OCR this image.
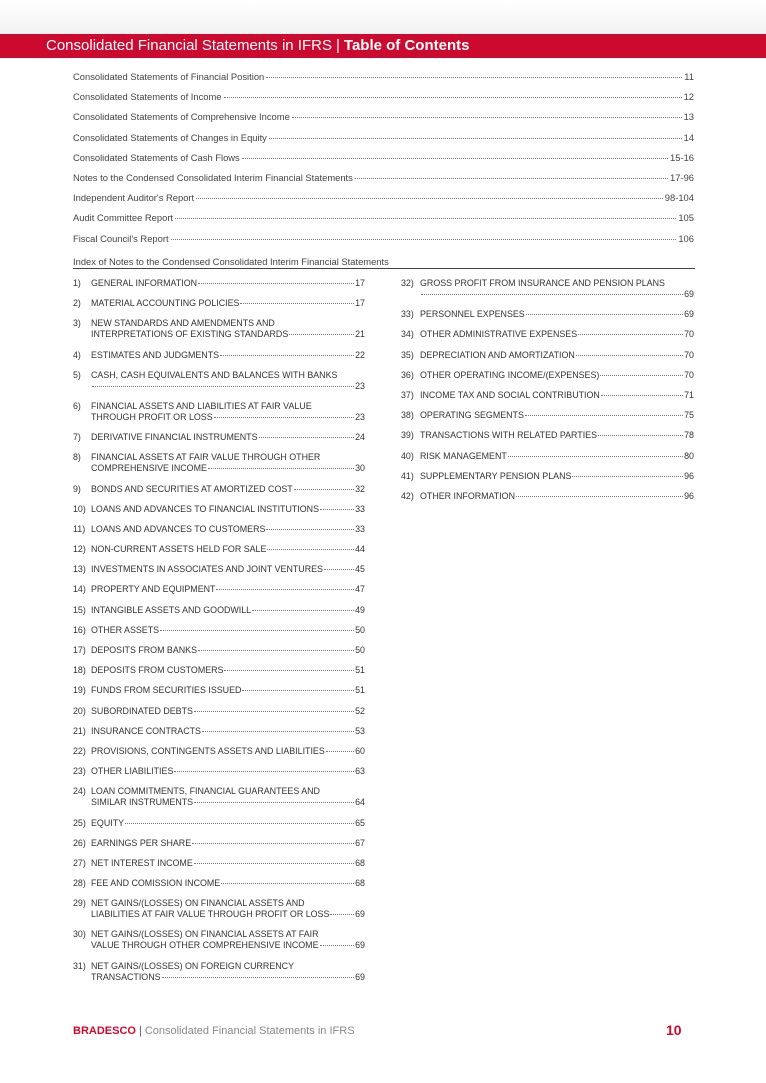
Consolidated Financial Statements in IFRS | Table of Contents
Consolidated Statements of Financial Position	11
Consolidated Statements of Income	12
Consolidated Statements of Comprehensive Income	13
Consolidated Statements of Changes in Equity	14
Consolidated Statements of Cash Flows	15-16
Notes to the Condensed Consolidated Interim Financial Statements	17-96
Independent Auditor's Report	98-104
Audit Committee Report	105
Fiscal Council's Report	106
Index of Notes to the Condensed Consolidated Interim Financial Statements
1)	GENERAL INFORMATION	17
2)	MATERIAL ACCOUNTING POLICIES	17
3)	NEW STANDARDS AND AMENDMENTS AND
INTERPRETATIONS OF EXISTING STANDARDS	21
4)	ESTIMATES AND JUDGMENTS	22
5)	CASH, CASH EQUIVALENTS AND BALANCES WITH BANKS
23
6)	FINANCIAL ASSETS AND LIABILITIES AT FAIR VALUE
THROUGH PROFIT OR LOSS	23
7)	DERIVATIVE FINANCIAL INSTRUMENTS	24
8)	FINANCIAL ASSETS AT FAIR VALUE THROUGH OTHER
COMPREHENSIVE INCOME	30
9)	BONDS AND SECURITIES AT AMORTIZED COST	32
10) LOANS AND ADVANCES TO FINANCIAL INSTITUTIONS	33
11) LOANS AND ADVANCES TO CUSTOMERS	33
12) NON-CURRENT ASSETS HELD FOR SALE	44
13) INVESTMENTS IN ASSOCIATES AND JOINT VENTURES	45
14) PROPERTY AND EQUIPMENT	47
15) INTANGIBLE ASSETS AND GOODWILL	49
16) OTHER ASSETS	50
17) DEPOSITS FROM BANKS	50
18) DEPOSITS FROM CUSTOMERS	51
19) FUNDS FROM SECURITIES ISSUED	51
20) SUBORDINATED DEBTS	52
21) INSURANCE CONTRACTS	53
22) PROVISIONS, CONTINGENTS ASSETS AND LIABILITIES	60
23) OTHER LIABILITIES	63
24) LOAN COMMITMENTS, FINANCIAL GUARANTEES AND
SIMILAR INSTRUMENTS	64
25) EQUITY	65
26) EARNINGS PER SHARE	67
27) NET INTEREST INCOME	68
28) FEE AND COMISSION INCOME	68
29) NET GAINS/(LOSSES) ON FINANCIAL ASSETS AND
LIABILITIES AT FAIR VALUE THROUGH PROFIT OR LOSS	69
30) NET GAINS/(LOSSES) ON FINANCIAL ASSETS AT FAIR
VALUE THROUGH OTHER COMPREHENSIVE INCOME	69
31) NET GAINS/(LOSSES) ON FOREIGN CURRENCY
TRANSACTIONS	69
32) GROSS PROFIT FROM INSURANCE AND PENSION PLANS
69
33) PERSONNEL EXPENSES	69
34) OTHER ADMINISTRATIVE EXPENSES	70
35) DEPRECIATION AND AMORTIZATION	70
36) OTHER OPERATING INCOME/(EXPENSES)	70
37) INCOME TAX AND SOCIAL CONTRIBUTION	71
38) OPERATING SEGMENTS	75
39) TRANSACTIONS WITH RELATED PARTIES	78
40) RISK MANAGEMENT	80
41) SUPPLEMENTARY PENSION PLANS	96
42) OTHER INFORMATION	96
BRADESCO | Consolidated Financial Statements in IFRS	10
